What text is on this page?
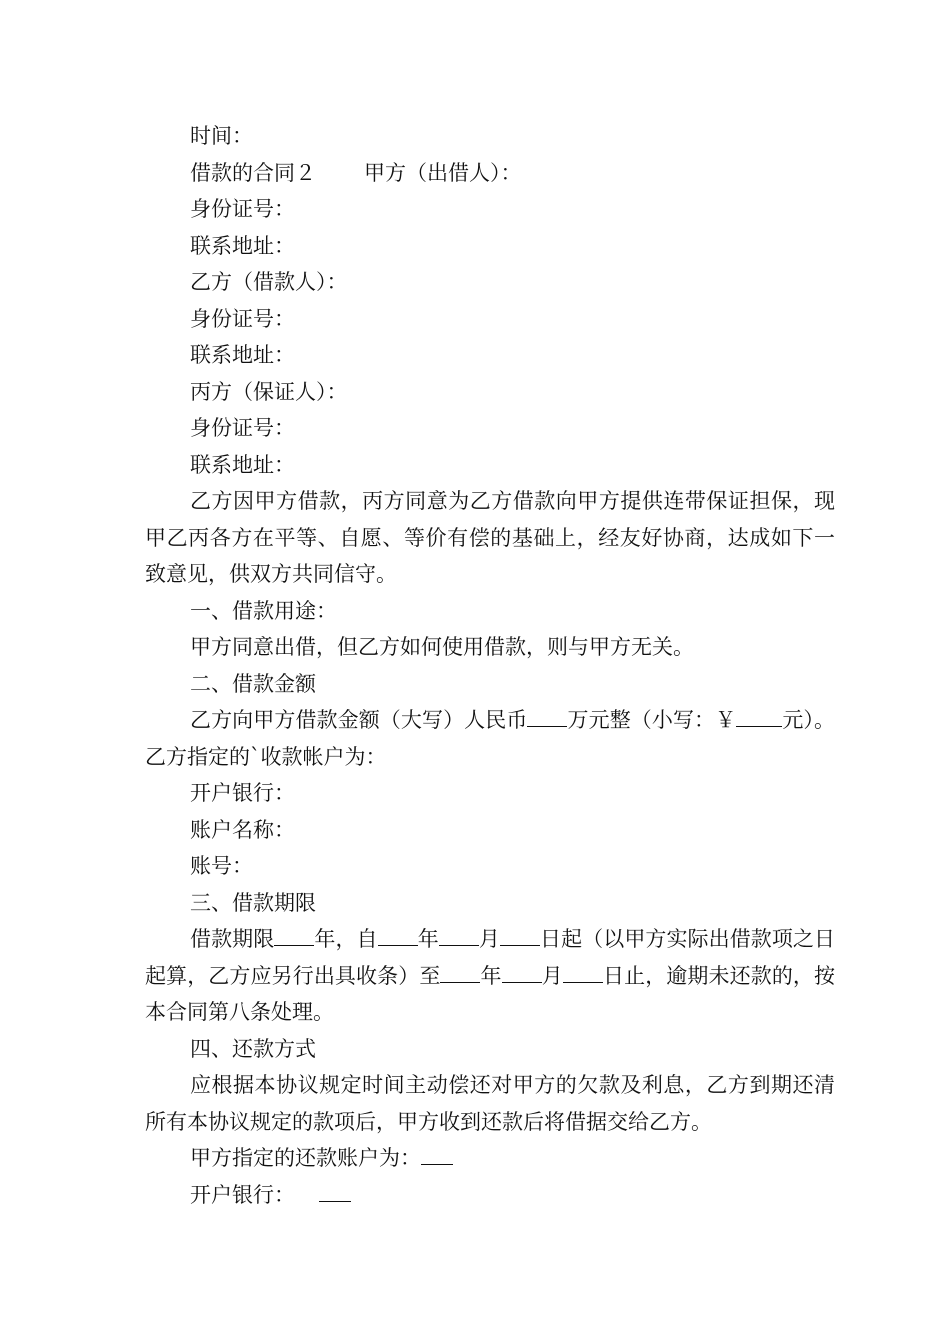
时间：
借款的合同２ 甲方（出借人）：
身份证号：
联系地址：
乙方（借款人）：
身份证号：
联系地址：
丙方（保证人）：
身份证号：
联系地址：
乙方因甲方借款，丙方同意为乙方借款向甲方提供连带保证担保，现甲乙丙各方在平等、自愿、等价有偿的基础上，经友好协商，达成如下一致意见，供双方共同信守。
一、借款用途：
甲方同意出借，但乙方如何使用借款，则与甲方无关。
二、借款金额
乙方向甲方借款金额（大写）人民币 万元整（小写：￥ 元）。乙方指定的`收款帐户为：
开户银行：
账户名称：
账号：
三、借款期限
借款期限 年，自 年 月 日起（以甲方实际出借款项之日起算，乙方应另行出具收条）至 年 月 日止，逾期未还款的，按本合同第八条处理。
四、还款方式
应根据本协议规定时间主动偿还对甲方的欠款及利息，乙方到期还清所有本协议规定的款项后，甲方收到还款后将借据交给乙方。
甲方指定的还款账户为：
开户银行：
